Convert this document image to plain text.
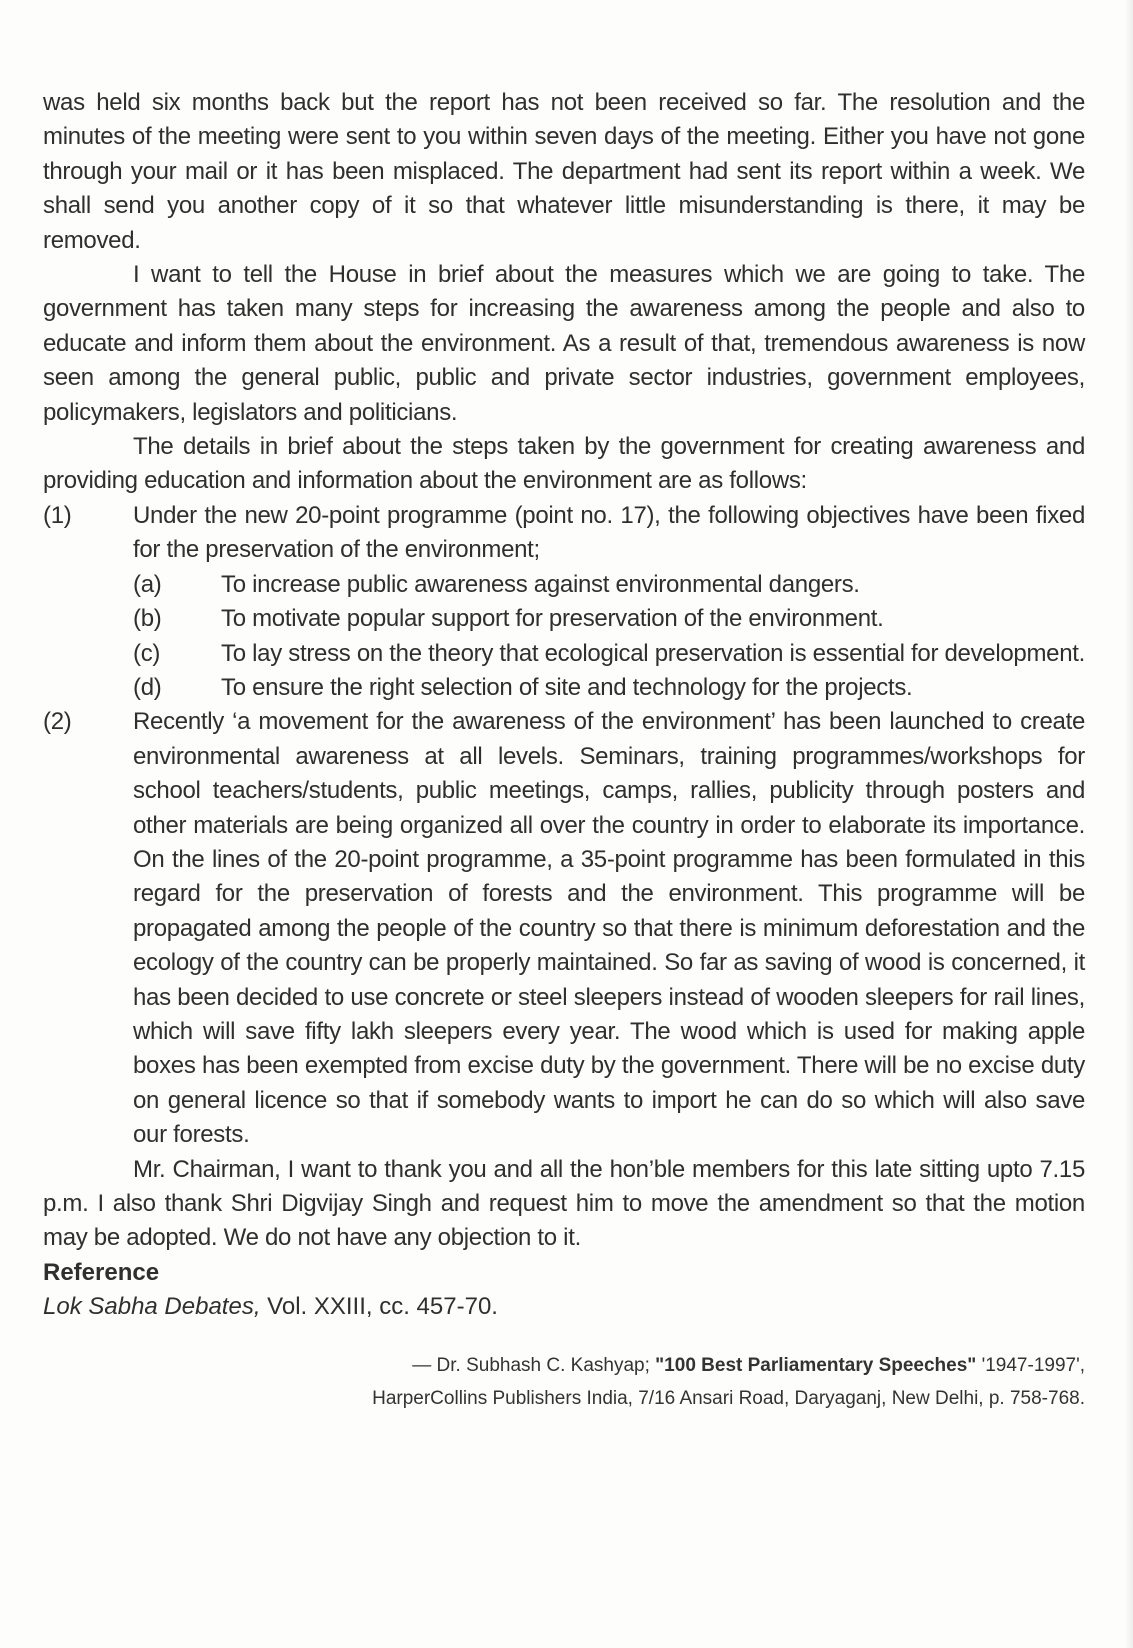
was held six months back but the report has not been received so far. The resolution and the minutes of the meeting were sent to you within seven days of the meeting. Either you have not gone through your mail or it has been misplaced. The department had sent its report within a week. We shall send you another copy of it so that whatever little misunderstanding is there, it may be removed.

I want to tell the House in brief about the measures which we are going to take. The government has taken many steps for increasing the awareness among the people and also to educate and inform them about the environment. As a result of that, tremendous awareness is now seen among the general public, public and private sector industries, government employees, policymakers, legislators and politicians.

The details in brief about the steps taken by the government for creating awareness and providing education and information about the environment are as follows:

(1)	Under the new 20-point programme (point no. 17), the following objectives have been fixed for the preservation of the environment;
(a)	To increase public awareness against environmental dangers.
(b)	To motivate popular support for preservation of the environment.
(c)	To lay stress on the theory that ecological preservation is essential for development.
(d)	To ensure the right selection of site and technology for the projects.
(2)	Recently ‘a movement for the awareness of the environment’ has been launched to create environmental awareness at all levels. Seminars, training programmes/workshops for school teachers/students, public meetings, camps, rallies, publicity through posters and other materials are being organized all over the country in order to elaborate its importance. On the lines of the 20-point programme, a 35-point programme has been formulated in this regard for the preservation of forests and the environment. This programme will be propagated among the people of the country so that there is minimum deforestation and the ecology of the country can be properly maintained. So far as saving of wood is concerned, it has been decided to use concrete or steel sleepers instead of wooden sleepers for rail lines, which will save fifty lakh sleepers every year. The wood which is used for making apple boxes has been exempted from excise duty by the government. There will be no excise duty on general licence so that if somebody wants to import he can do so which will also save our forests.

Mr. Chairman, I want to thank you and all the hon’ble members for this late sitting upto 7.15 p.m. I also thank Shri Digvijay Singh and request him to move the amendment so that the motion may be adopted. We do not have any objection to it.

Reference
Lok Sabha Debates, Vol. XXIII, cc. 457-70.
— Dr. Subhash C. Kashyap; "100 Best Parliamentary Speeches" '1947-1997',
HarperCollins Publishers India, 7/16 Ansari Road, Daryaganj, New Delhi, p. 758-768.
